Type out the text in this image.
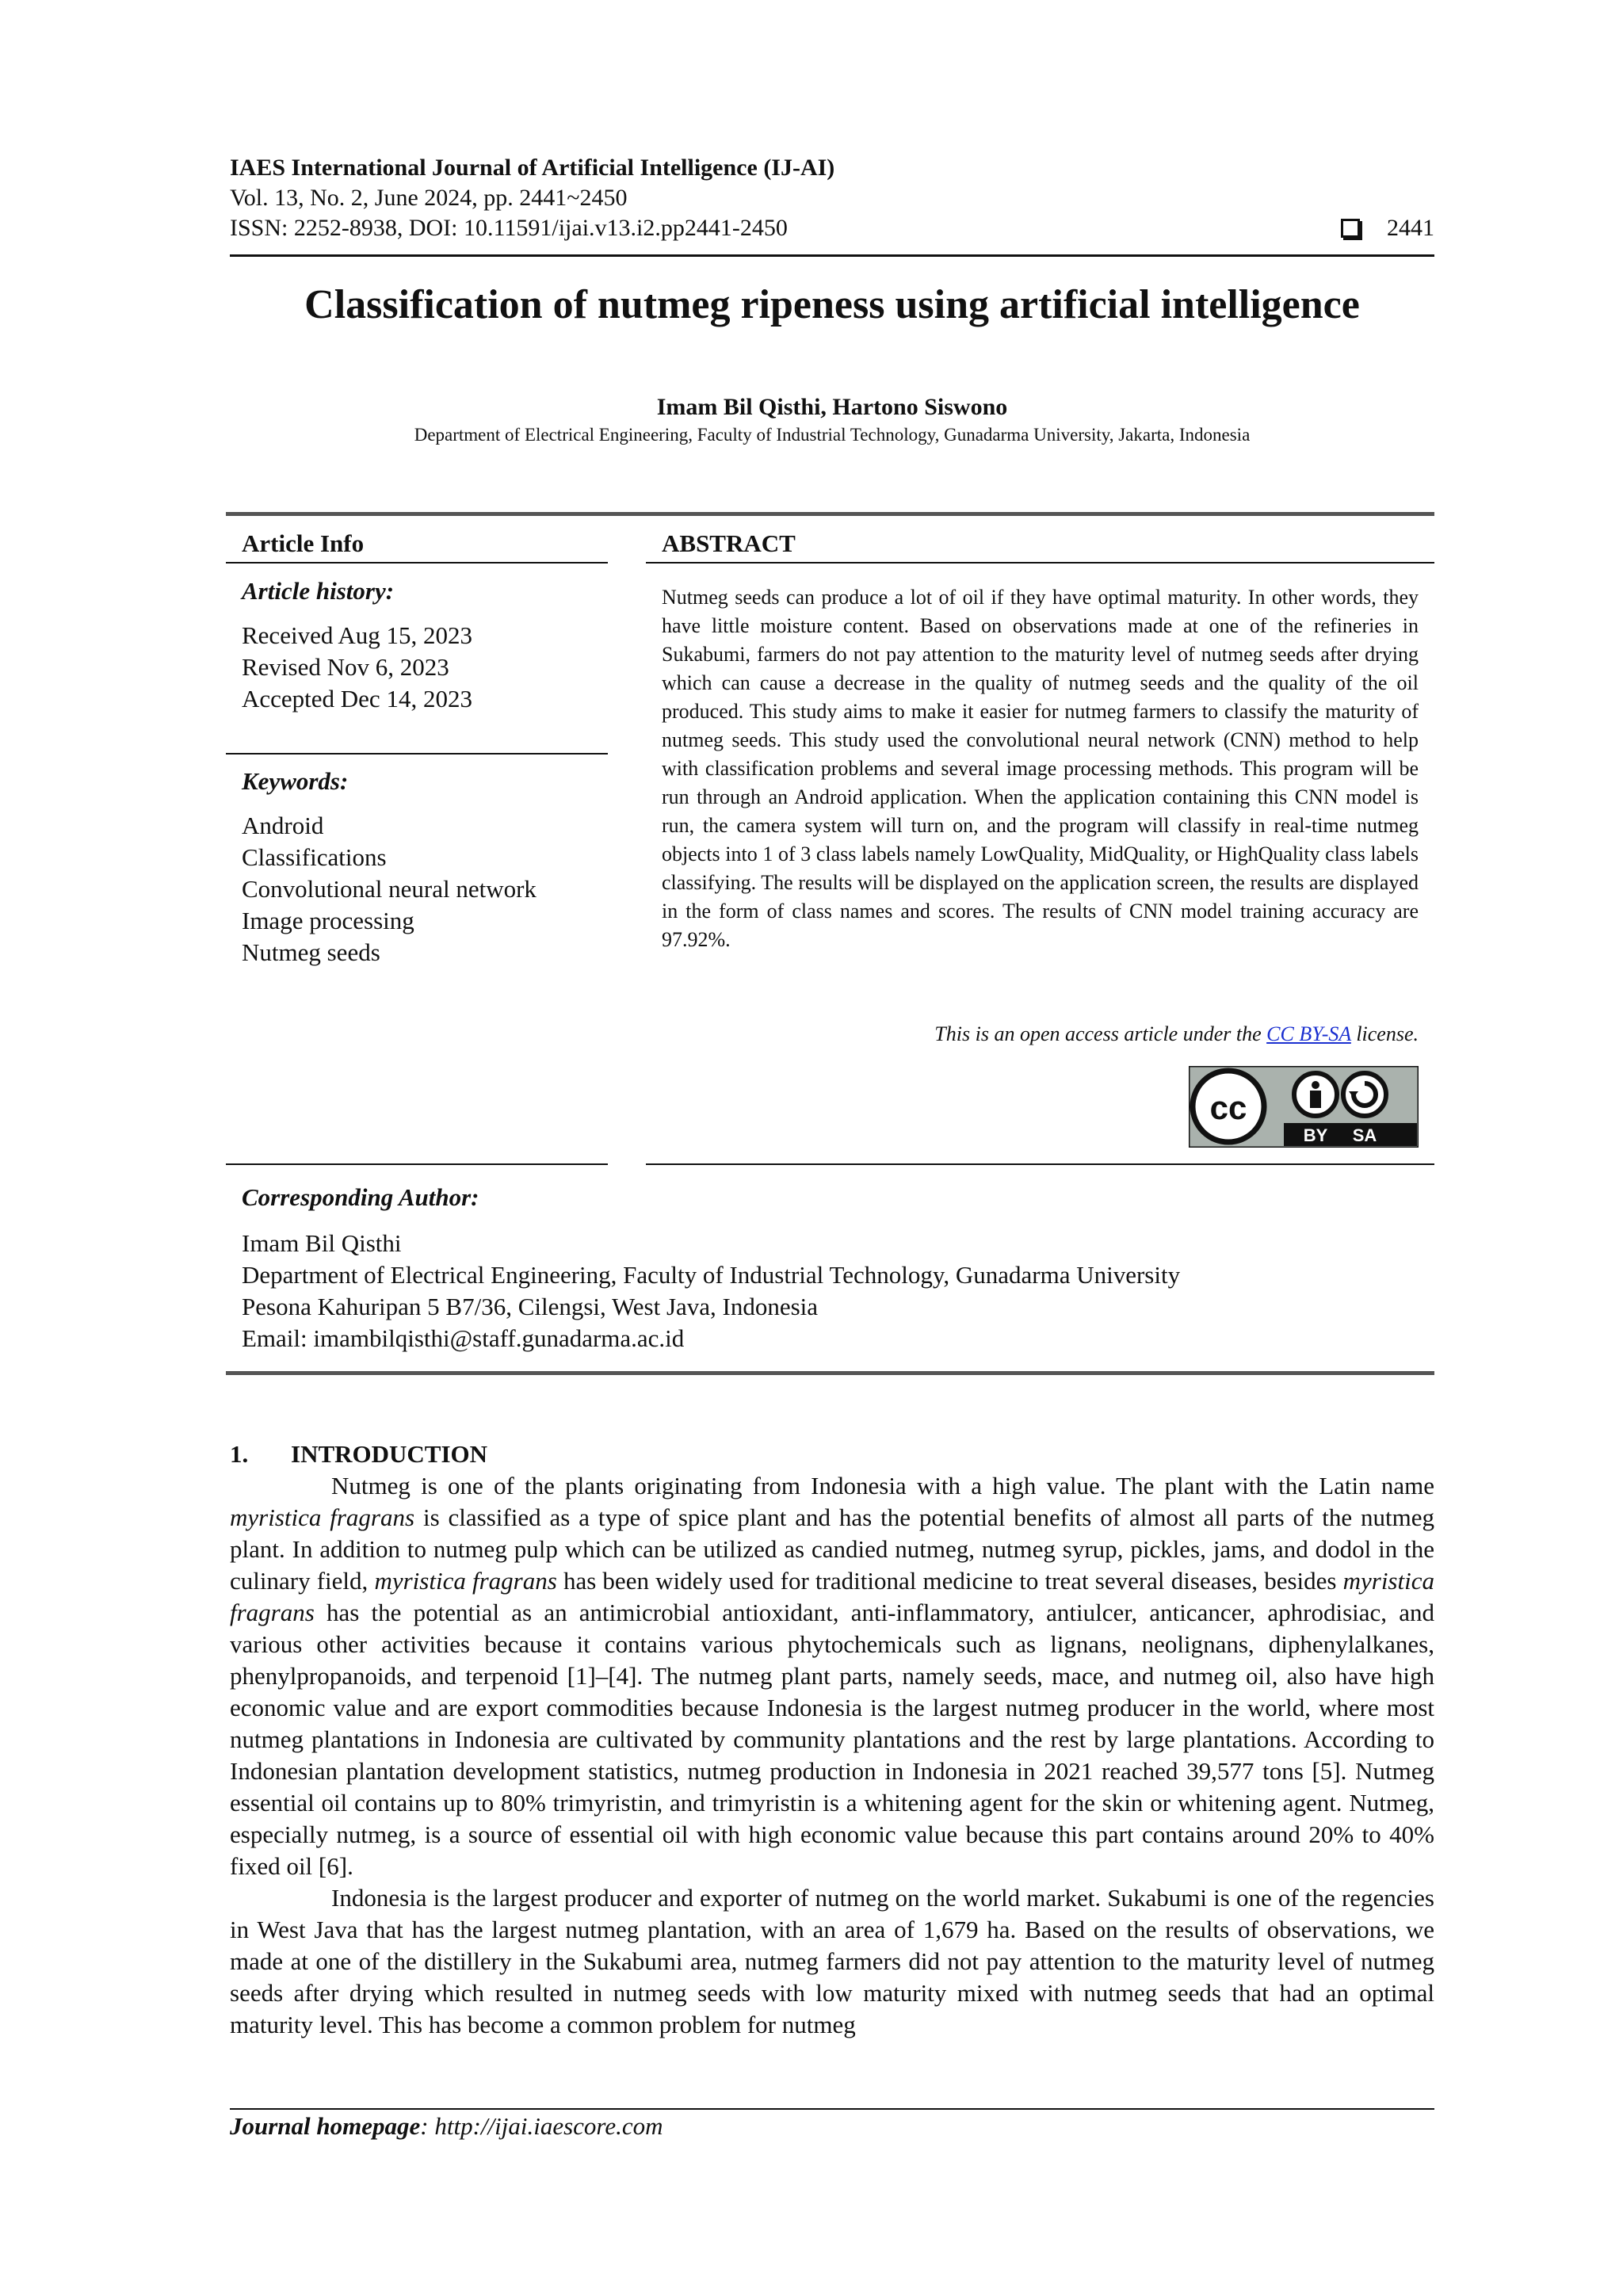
IAES International Journal of Artificial Intelligence (IJ-AI)
Vol. 13, No. 2, June 2024, pp. 2441~2450
ISSN: 2252-8938, DOI: 10.11591/ijai.v13.i2.pp2441-2450	2441
Classification of nutmeg ripeness using artificial intelligence
Imam Bil Qisthi, Hartono Siswono
Department of Electrical Engineering, Faculty of Industrial Technology, Gunadarma University, Jakarta, Indonesia
Article Info
Article history:
Received Aug 15, 2023
Revised Nov 6, 2023
Accepted Dec 14, 2023
Keywords:
Android
Classifications
Convolutional neural network
Image processing
Nutmeg seeds
ABSTRACT
Nutmeg seeds can produce a lot of oil if they have optimal maturity. In other words, they have little moisture content. Based on observations made at one of the refineries in Sukabumi, farmers do not pay attention to the maturity level of nutmeg seeds after drying which can cause a decrease in the quality of nutmeg seeds and the quality of the oil produced. This study aims to make it easier for nutmeg farmers to classify the maturity of nutmeg seeds. This study used the convolutional neural network (CNN) method to help with classification problems and several image processing methods. This program will be run through an Android application. When the application containing this CNN model is run, the camera system will turn on, and the program will classify in real-time nutmeg objects into 1 of 3 class labels namely LowQuality, MidQuality, or HighQuality class labels classifying. The results will be displayed on the application screen, the results are displayed in the form of class names and scores. The results of CNN model training accuracy are 97.92%.
This is an open access article under the CC BY-SA license.
cc
BY SA
Corresponding Author:
Imam Bil Qisthi
Department of Electrical Engineering, Faculty of Industrial Technology, Gunadarma University
Pesona Kahuripan 5 B7/36, Cilengsi, West Java, Indonesia
Email: imambilqisthi@staff.gunadarma.ac.id
1. INTRODUCTION

Nutmeg is one of the plants originating from Indonesia with a high value. The plant with the Latin name myristica fragrans is classified as a type of spice plant and has the potential benefits of almost all parts of the nutmeg plant. In addition to nutmeg pulp which can be utilized as candied nutmeg, nutmeg syrup, pickles, jams, and dodol in the culinary field, myristica fragrans has been widely used for traditional medicine to treat several diseases, besides myristica fragrans has the potential as an antimicrobial antioxidant, anti-inflammatory, antiulcer, anticancer, aphrodisiac, and various other activities because it contains various phytochemicals such as lignans, neolignans, diphenylalkanes, phenylpropanoids, and terpenoid [1]–[4]. The nutmeg plant parts, namely seeds, mace, and nutmeg oil, also have high economic value and are export commodities because Indonesia is the largest nutmeg producer in the world, where most nutmeg plantations in Indonesia are cultivated by community plantations and the rest by large plantations. According to Indonesian plantation development statistics, nutmeg production in Indonesia in 2021 reached 39,577 tons [5]. Nutmeg essential oil contains up to 80% trimyristin, and trimyristin is a whitening agent for the skin or whitening agent. Nutmeg, especially nutmeg, is a source of essential oil with high economic value because this part contains around 20% to 40% fixed oil [6].

Indonesia is the largest producer and exporter of nutmeg on the world market. Sukabumi is one of the regencies in West Java that has the largest nutmeg plantation, with an area of 1,679 ha. Based on the results of observations, we made at one of the distillery in the Sukabumi area, nutmeg farmers did not pay attention to the maturity level of nutmeg seeds after drying which resulted in nutmeg seeds with low maturity mixed with nutmeg seeds that had an optimal maturity level. This has become a common problem for nutmeg

Journal homepage: http://ijai.iaescore.com
